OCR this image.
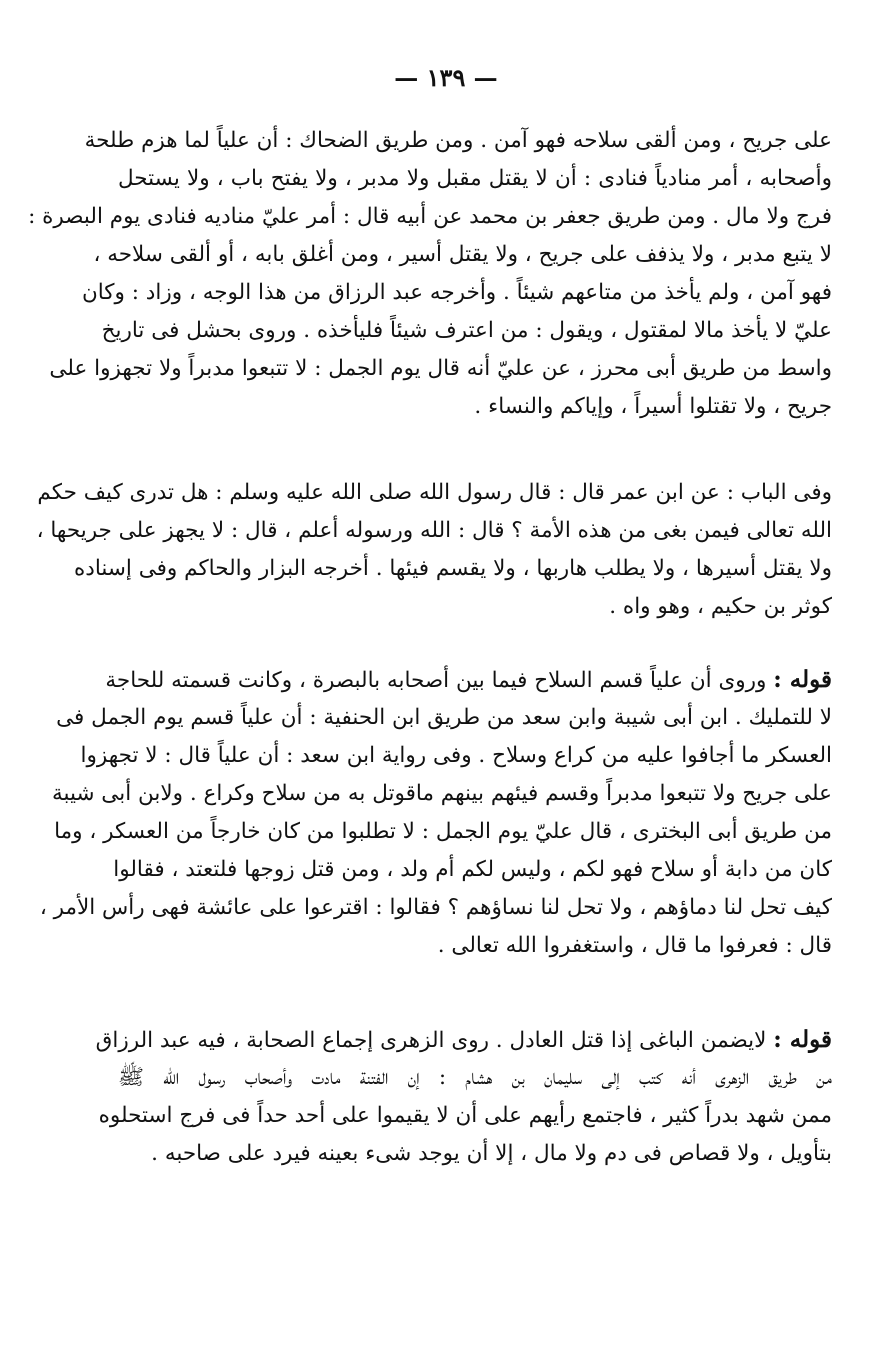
— ١٣٩ —
على جريح ، ومن ألقى سلاحه فهو آمن . ومن طريق الضحاك : أن علياً لما هزم طلحة
وأصحابه ، أمر منادياً فنادى : أن لا يقتل مقبل ولا مدبر ، ولا يفتح باب ، ولا يستحل
فرج ولا مال . ومن طريق جعفر بن محمد عن أبيه قال : أمر عليّ مناديه فنادى يوم البصرة :
لا يتبع مدبر ، ولا يذفف على جريح ، ولا يقتل أسير ، ومن أغلق بابه ، أو ألقى سلاحه ،
فهو آمن ، ولم يأخذ من متاعهم شيئاً . وأخرجه عبد الرزاق من هذا الوجه ، وزاد : وكان
عليّ لا يأخذ مالا لمقتول ، ويقول : من اعترف شيئاً فليأخذه . وروى بحشل فى تاريخ
واسط من طريق أبى محرز ، عن عليّ أنه قال يوم الجمل : لا تتبعوا مدبراً ولا تجهزوا على
جريح ، ولا تقتلوا أسيراً ، وإياكم والنساء .
وفى الباب : عن ابن عمر قال : قال رسول الله صلى الله عليه وسلم : هل تدرى كيف حكم
الله تعالى فيمن بغى من هذه الأمة ؟ قال : الله ورسوله أعلم ، قال : لا يجهز على جريحها ،
ولا يقتل أسيرها ، ولا يطلب هاربها ، ولا يقسم فيئها . أخرجه البزار والحاكم وفى إسناده
كوثر بن حكيم ، وهو واه .
قوله : وروى أن علياً قسم السلاح فيما بين أصحابه بالبصرة ، وكانت قسمته للحاجة
لا للتمليك . ابن أبى شيبة وابن سعد من طريق ابن الحنفية : أن علياً قسم يوم الجمل فى
العسكر ما أجافوا عليه من كراع وسلاح . وفى رواية ابن سعد : أن علياً قال : لا تجهزوا
على جريح ولا تتبعوا مدبراً وقسم فيئهم بينهم ماقوتل به من سلاح وكراع . ولابن أبى شيبة
من طريق أبى البخترى ، قال عليّ يوم الجمل : لا تطلبوا من كان خارجاً من العسكر ، وما
كان من دابة أو سلاح فهو لكم ، وليس لكم أم ولد ، ومن قتل زوجها فلتعتد ، فقالوا
كيف تحل لنا دماؤهم ، ولا تحل لنا نساؤهم ؟ فقالوا : اقترعوا على عائشة فهى رأس الأمر ،
قال : فعرفوا ما قال ، واستغفروا الله تعالى .
قوله : لايضمن الباغى إذا قتل العادل . روى الزهرى إجماع الصحابة ، فيه عبد الرزاق
من طريق الزهرى أنه كتب إلى سليمان بن هشام : إن الفتنة مادت وأصحاب رسول الله ﷺ
ممن شهد بدراً كثير ، فاجتمع رأيهم على أن لا يقيموا على أحد حداً فى فرج استحلوه
بتأويل ، ولا قصاص فى دم ولا مال ، إلا أن يوجد شىء بعينه فيرد على صاحبه .
